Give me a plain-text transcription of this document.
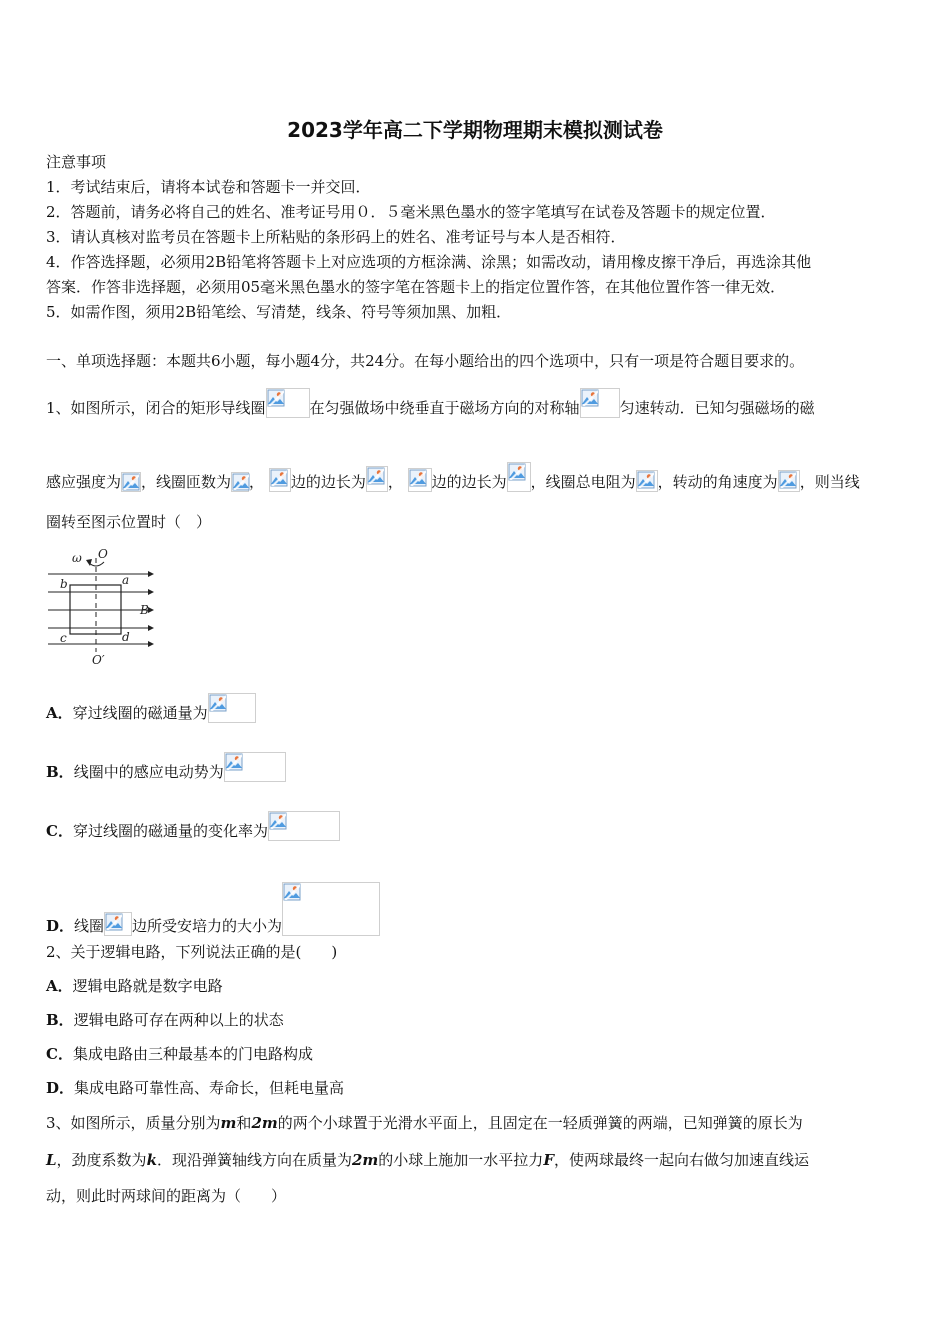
2023学年高二下学期物理期末模拟测试卷
注意事项
1．考试结束后，请将本试卷和答题卡一并交回．
2．答题前，请务必将自己的姓名、准考证号用０．５毫米黑色墨水的签字笔填写在试卷及答题卡的规定位置．
3．请认真核对监考员在答题卡上所粘贴的条形码上的姓名、准考证号与本人是否相符．
4．作答选择题，必须用2B铅笔将答题卡上对应选项的方框涂满、涂黑；如需改动，请用橡皮擦干净后，再选涂其他
答案．作答非选择题，必须用05毫米黑色墨水的签字笔在答题卡上的指定位置作答，在其他位置作答一律无效．
5．如需作图，须用2B铅笔绘、写清楚，线条、符号等须加黑、加粗．
一、单项选择题：本题共6小题，每小题4分，共24分。在每小题给出的四个选项中，只有一项是符合题目要求的。
1、如图所示，闭合的矩形导线圈	在匀强做场中绕垂直于磁场方向的对称轴	匀速转动．已知匀强磁场的磁
感应强度为 ，线圈匝数为 ， 边的边长为 ， 边的边长为 ，线圈总电阻为 ，转动的角速度为 ，则当线
圈转至图示位置时（　）
ω O
b	a
B
c	d
O′
A．穿过线圈的磁通量为
B．线圈中的感应电动势为
C．穿过线圈的磁通量的变化率为
D．线圈 边所受安培力的大小为
2、关于逻辑电路，下列说法正确的是(　　)
A．逻辑电路就是数字电路
B．逻辑电路可存在两种以上的状态
C．集成电路由三种最基本的门电路构成
D．集成电路可靠性高、寿命长，但耗电量高
3、如图所示，质量分别为m和2m的两个小球置于光滑水平面上，且固定在一轻质弹簧的两端，已知弹簧的原长为
L，劲度系数为k．现沿弹簧轴线方向在质量为2m的小球上施加一水平拉力F，使两球最终一起向右做匀加速直线运
动，则此时两球间的距离为（　　）
